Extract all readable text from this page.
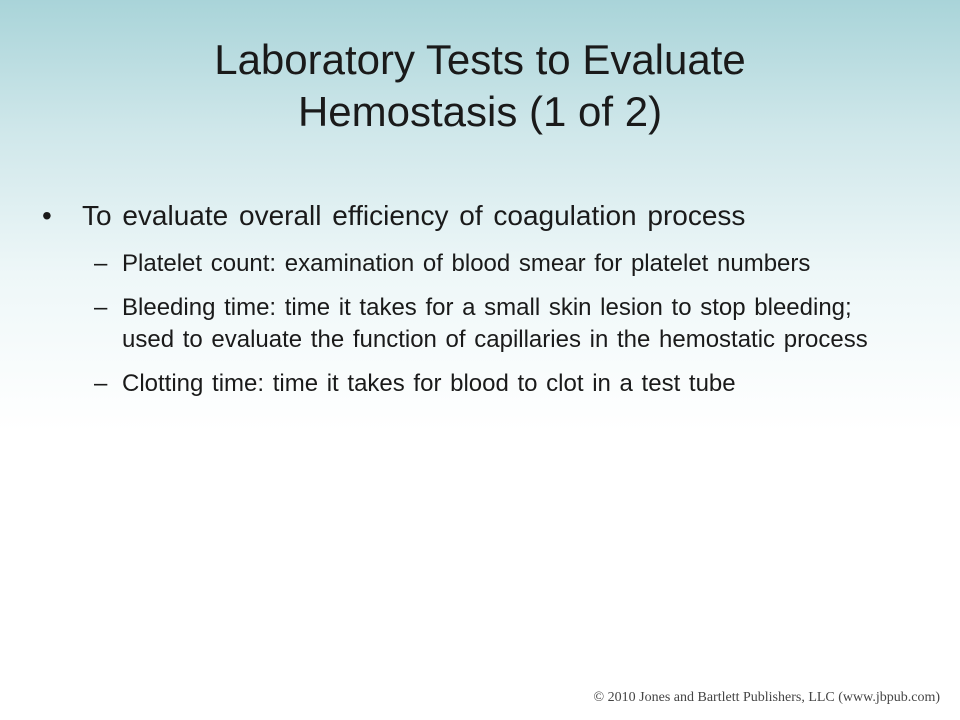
Laboratory Tests to Evaluate
Hemostasis (1 of 2)
• To evaluate overall efficiency of coagulation process
– Platelet count: examination of blood smear for platelet numbers
– Bleeding time: time it takes for a small skin lesion to stop bleeding; used to evaluate the function of capillaries in the hemostatic process
– Clotting time: time it takes for blood to clot in a test tube
© 2010 Jones and Bartlett Publishers, LLC (www.jbpub.com)
